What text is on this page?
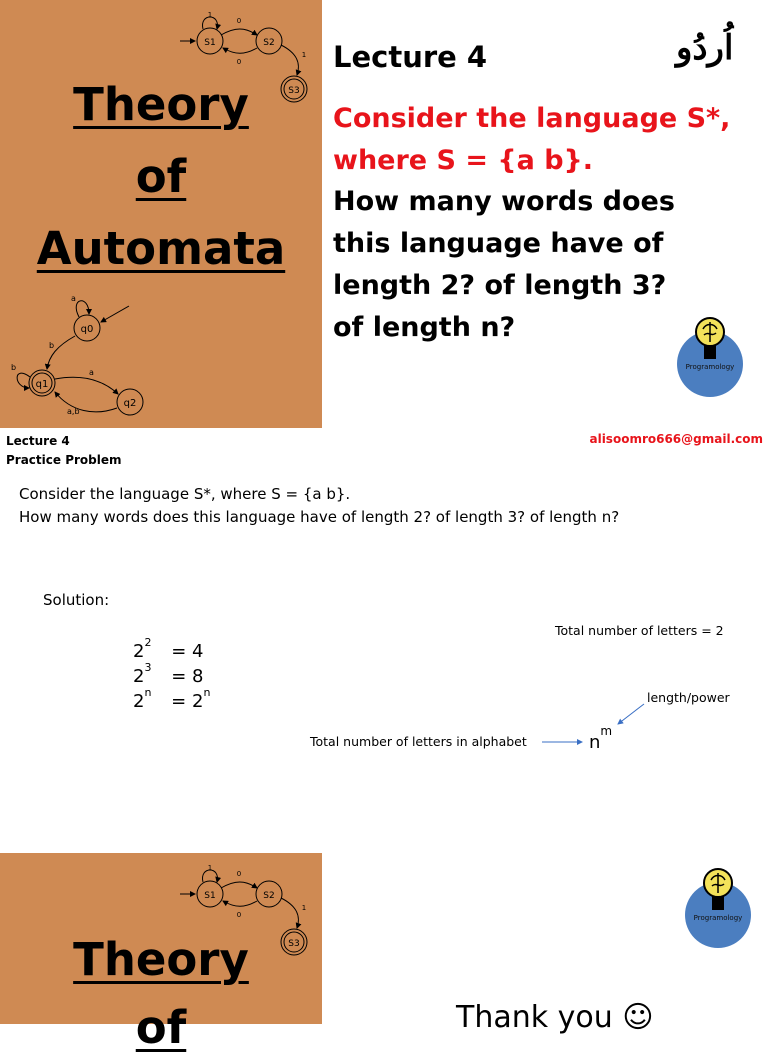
S1	S2
S3
1
0
0
1
Theory
of
Automata
q0
a
q1
b
b
q2
a
a,b
Lecture 4	اُردُو
Consider the language S*,
where S = {a b}.
How many words does
this language have of
length 2? of length 3?
of length n?
Programology
Lecture 4
Practice Problem
alisoomro666@gmail.com
Consider the language S*, where S = {a b}.
How many words does this language have of length 2? of length 3? of length n?
Solution:
$2^2 = 4$
$2^3 = 8$
$2^n = 2^n$
Total number of letters = 2
length/power
Total number of letters in alphabet	$n^m$
S1	S2
S3
1
0
0
1
Theory
of
Programology
Thank you ☺
